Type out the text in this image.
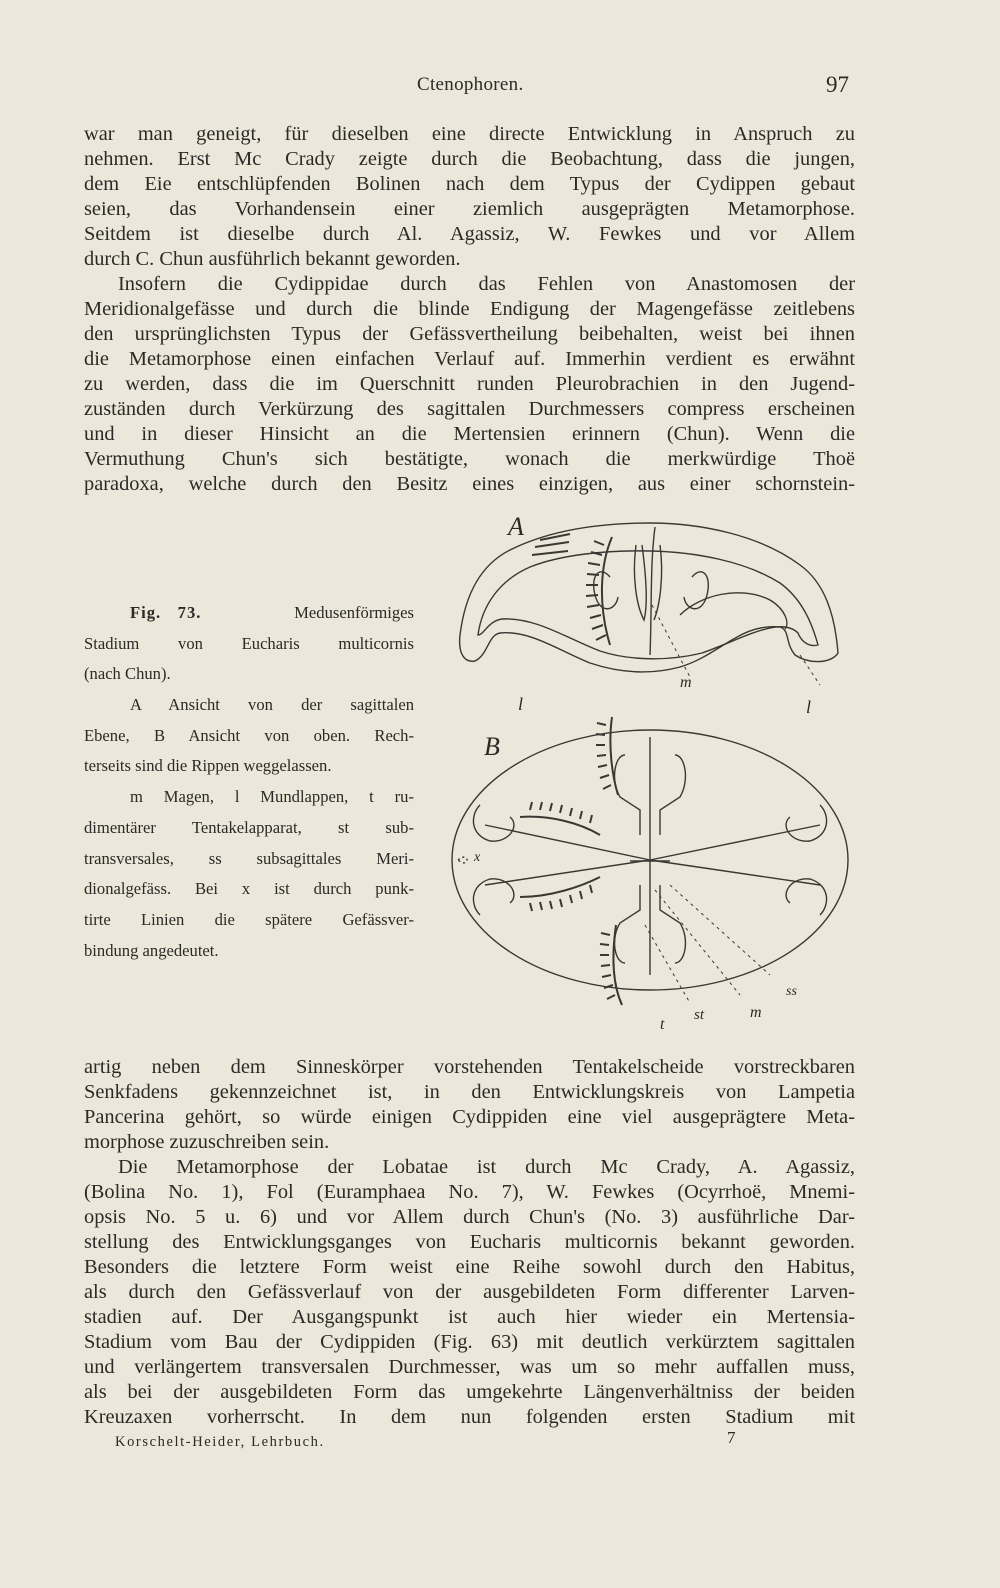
Ctenophoren.	97
war man geneigt, für dieselben eine directe Entwicklung in Anspruch zu
nehmen. Erst Mc Crady zeigte durch die Beobachtung, dass die jungen,
dem Eie entschlüpfenden Bolinen nach dem Typus der Cydippen gebaut
seien, das Vorhandensein einer ziemlich ausgeprägten Metamorphose.
Seitdem ist dieselbe durch Al. Agassiz, W. Fewkes und vor Allem
durch C. Chun ausführlich bekannt geworden.
Insofern die Cydippidae durch das Fehlen von Anastomosen der
Meridionalgefässe und durch die blinde Endigung der Magengefässe zeitlebens
den ursprünglichsten Typus der Gefässvertheilung beibehalten, weist bei ihnen
die Metamorphose einen einfachen Verlauf auf. Immerhin verdient es erwähnt
zu werden, dass die im Querschnitt runden Pleurobrachien in den Jugend-
zuständen durch Verkürzung des sagittalen Durchmessers compress erscheinen
und in dieser Hinsicht an die Mertensien erinnern (Chun). Wenn die
Vermuthung Chun's sich bestätigte, wonach die merkwürdige Thoë
paradoxa, welche durch den Besitz eines einzigen, aus einer schornstein-
Fig. 73.	Medusenförmiges
Stadium von Eucharis multicornis
(nach Chun).
A Ansicht von der sagittalen
Ebene, B Ansicht von oben. Rech-
terseits sind die Rippen weggelassen.
m Magen, l Mundlappen, t ru-
dimentärer Tentakelapparat, st sub-
transversales, ss subsagittales Meri-
dionalgefäss. Bei x ist durch punk-
tirte Linien die spätere Gefässver-
bindung angedeutet.
A
m
l	l
B
x
ss
m
st
t
artig neben dem Sinneskörper vorstehenden Tentakelscheide vorstreckbaren
Senkfadens gekennzeichnet ist, in den Entwicklungskreis von Lampetia
Pancerina gehört, so würde einigen Cydippiden eine viel ausgeprägtere Meta-
morphose zuzuschreiben sein.
Die Metamorphose der Lobatae ist durch Mc Crady, A. Agassiz,
(Bolina No. 1), Fol (Euramphaea No. 7), W. Fewkes (Ocyrrhoë, Mnemi-
opsis No. 5 u. 6) und vor Allem durch Chun's (No. 3) ausführliche Dar-
stellung des Entwicklungsganges von Eucharis multicornis bekannt geworden.
Besonders die letztere Form weist eine Reihe sowohl durch den Habitus,
als durch den Gefässverlauf von der ausgebildeten Form differenter Larven-
stadien auf. Der Ausgangspunkt ist auch hier wieder ein Mertensia-
Stadium vom Bau der Cydippiden (Fig. 63) mit deutlich verkürztem sagittalen
und verlängertem transversalen Durchmesser, was um so mehr auffallen muss,
als bei der ausgebildeten Form das umgekehrte Längenverhältniss der beiden
Kreuzaxen vorherrscht. In dem nun folgenden ersten Stadium mit
Korschelt-Heider, Lehrbuch.	7
